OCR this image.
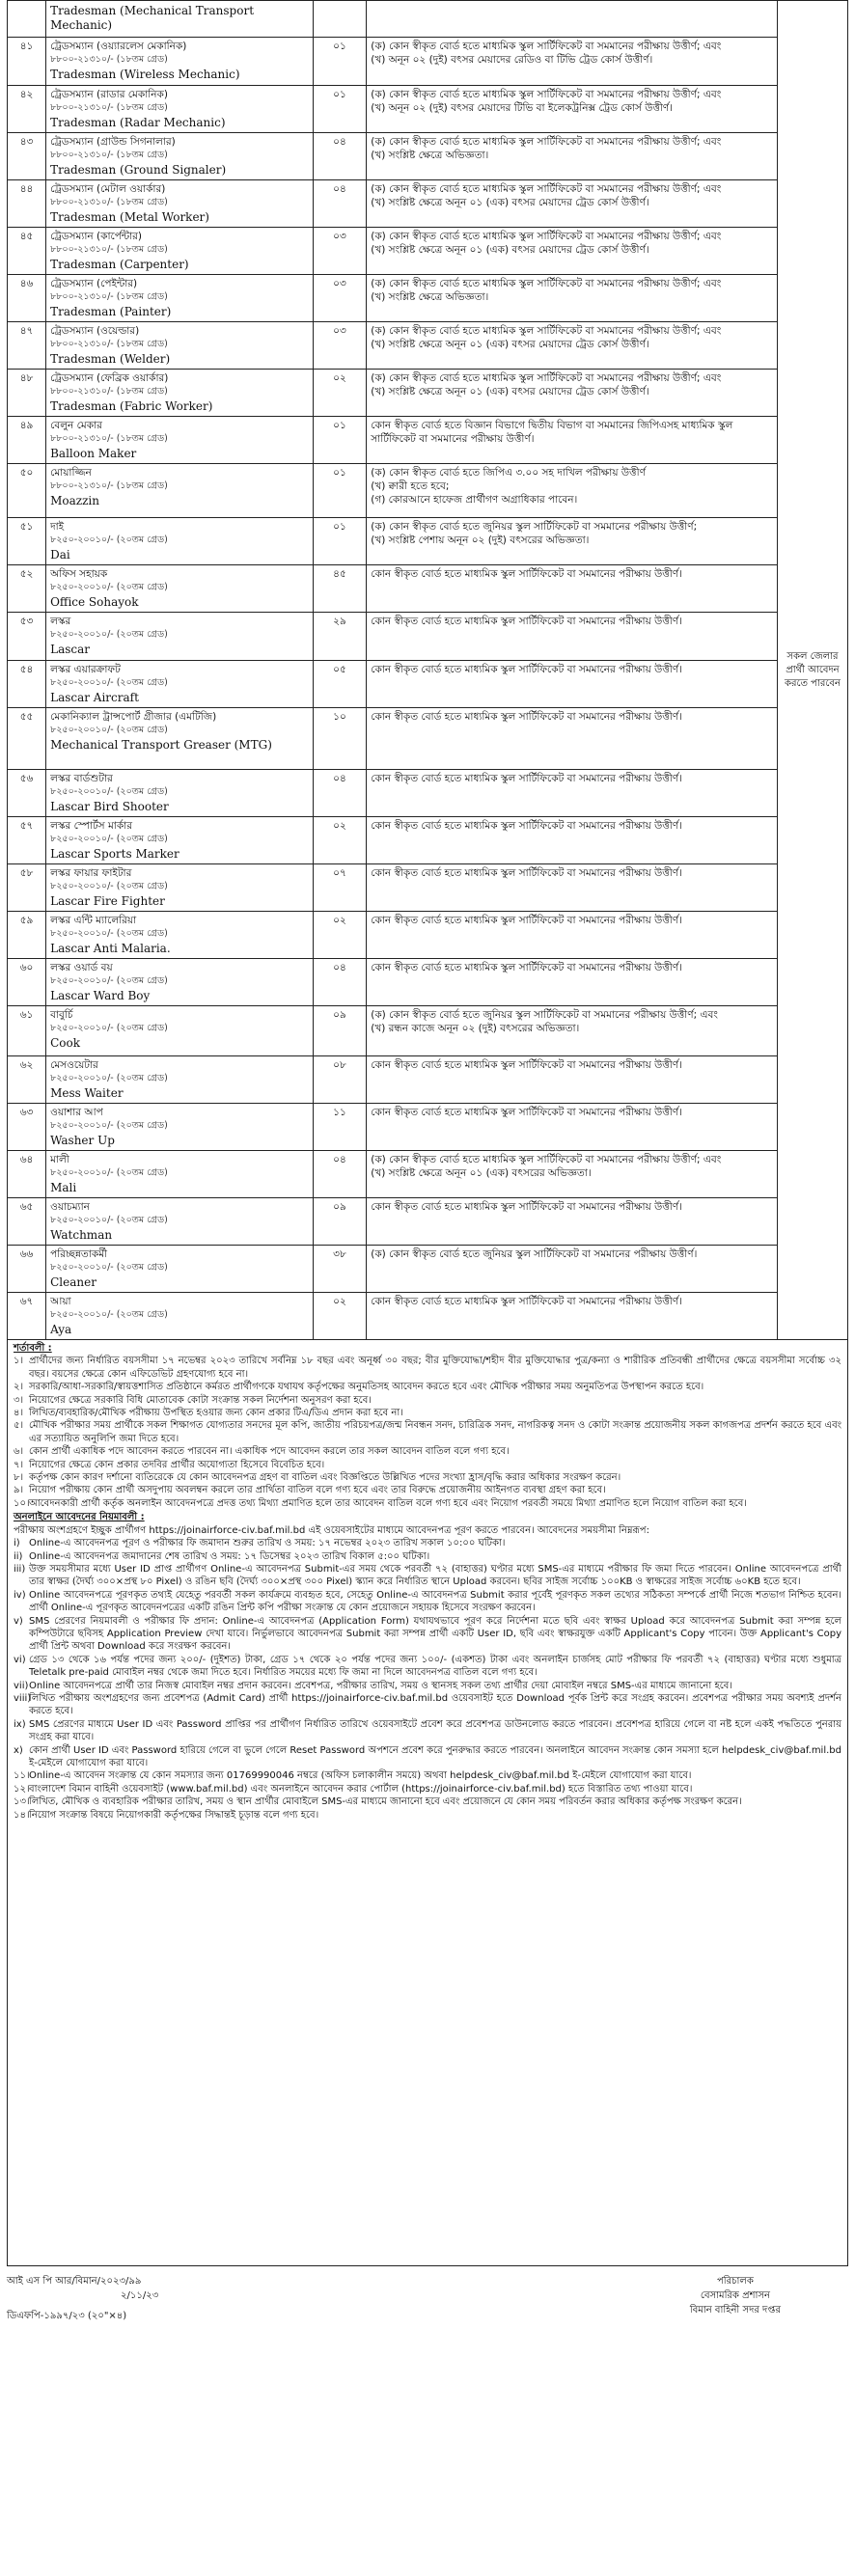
	Tradesman (Mechanical Transport Mechanic)			সকল জেলার প্রার্থী আবেদন করতে পারবেন
৪১	ট্রেডসম্যান (ওয়্যারলেস মেকানিক)
৮৮০০-২১৩১০/- (১৮তম গ্রেড)
Tradesman (Wireless Mechanic)	০১	(ক) কোন স্বীকৃত বোর্ড হতে মাধ্যমিক স্কুল সার্টিফিকেট বা সমমানের পরীক্ষায় উত্তীর্ণ; এবং
(খ) অনূন ০২ (দুই) বৎসর মেয়াদের রেডিও বা টিভি ট্রেড কোর্স উত্তীর্ণ।	

৪২	ট্রেডসম্যান (রাডার মেকানিক)
৮৮০০-২১৩১০/- (১৮তম গ্রেড)
Tradesman (Radar Mechanic)	০১	(ক) কোন স্বীকৃত বোর্ড হতে মাধ্যমিক স্কুল সার্টিফিকেট বা সমমানের পরীক্ষায় উত্তীর্ণ; এবং
(খ) অনূন ০২ (দুই) বৎসর মেয়াদের টিভি বা ইলেকট্রনিক্স ট্রেড কোর্স উত্তীর্ণ।	

৪৩	ট্রেডসম্যান (গ্রাউন্ড সিগনালার)
৮৮০০-২১৩১০/- (১৮তম গ্রেড)
Tradesman (Ground Signaler)	০৪	(ক) কোন স্বীকৃত বোর্ড হতে মাধ্যমিক স্কুল সার্টিফিকেট বা সমমানের পরীক্ষায় উত্তীর্ণ; এবং
(খ) সংশ্লিষ্ট ক্ষেত্রে অভিজ্ঞতা।	

৪৪	ট্রেডসম্যান (মেটাল ওয়ার্কার)
৮৮০০-২১৩১০/- (১৮তম গ্রেড)
Tradesman (Metal Worker)	০৪	(ক) কোন স্বীকৃত বোর্ড হতে মাধ্যমিক স্কুল সার্টিফিকেট বা সমমানের পরীক্ষায় উত্তীর্ণ; এবং
(খ) সংশ্লিষ্ট ক্ষেত্রে অনূন ০১ (এক) বৎসর মেয়াদের ট্রেড কোর্স উত্তীর্ণ।	

৪৫	ট্রেডসম্যান (কার্পেন্টার)
৮৮০০-২১৩১০/- (১৮তম গ্রেড)
Tradesman (Carpenter)	০৩	(ক) কোন স্বীকৃত বোর্ড হতে মাধ্যমিক স্কুল সার্টিফিকেট বা সমমানের পরীক্ষায় উত্তীর্ণ; এবং
(খ) সংশ্লিষ্ট ক্ষেত্রে অনূন ০১ (এক) বৎসর মেয়াদের ট্রেড কোর্স উত্তীর্ণ।	

৪৬	ট্রেডসম্যান (পেইন্টার)
৮৮০০-২১৩১০/- (১৮তম গ্রেড)
Tradesman (Painter)	০৩	(ক) কোন স্বীকৃত বোর্ড হতে মাধ্যমিক স্কুল সার্টিফিকেট বা সমমানের পরীক্ষায় উত্তীর্ণ; এবং
(খ) সংশ্লিষ্ট ক্ষেত্রে অভিজ্ঞতা।	

৪৭	ট্রেডসম্যান (ওয়েল্ডার)
৮৮০০-২১৩১০/- (১৮তম গ্রেড)
Tradesman (Welder)	০৩	(ক) কোন স্বীকৃত বোর্ড হতে মাধ্যমিক স্কুল সার্টিফিকেট বা সমমানের পরীক্ষায় উত্তীর্ণ; এবং
(খ) সংশ্লিষ্ট ক্ষেত্রে অনূন ০১ (এক) বৎসর মেয়াদের ট্রেড কোর্স উত্তীর্ণ।	

৪৮	ট্রেডসম্যান (ফেব্রিক ওয়ার্কার)
৮৮০০-২১৩১০/- (১৮তম গ্রেড)
Tradesman (Fabric Worker)	০২	(ক) কোন স্বীকৃত বোর্ড হতে মাধ্যমিক স্কুল সার্টিফিকেট বা সমমানের পরীক্ষায় উত্তীর্ণ; এবং
(খ) সংশ্লিষ্ট ক্ষেত্রে অনূন ০১ (এক) বৎসর মেয়াদের ট্রেড কোর্স উত্তীর্ণ।	

৪৯	বেলুন মেকার
৮৮০০-২১৩১০/- (১৮তম গ্রেড)
Balloon Maker	০১	কোন স্বীকৃত বোর্ড হতে বিজ্ঞান বিভাগে দ্বিতীয় বিভাগ বা সমমানের জিপিএসহ মাধ্যমিক স্কুল সার্টিফিকেট বা সমমানের পরীক্ষায় উত্তীর্ণ।	

৫০	মোয়াজ্জিন
৮৮০০-২১৩১০/- (১৮তম গ্রেড)
Moazzin	০১	(ক) কোন স্বীকৃত বোর্ড হতে জিপিএ ৩.০০ সহ দাখিল পরীক্ষায় উত্তীর্ণ
(খ) ক্বারী হতে হবে;
(গ) কোরআনে হাফেজ প্রার্থীগণ অগ্রাধিকার পাবেন।	

৫১	দাই
৮২৫০-২০০১০/- (২০তম গ্রেড)
Dai	০১	(ক) কোন স্বীকৃত বোর্ড হতে জুনিয়র স্কুল সার্টিফিকেট বা সমমানের পরীক্ষায় উত্তীর্ণ;
(খ) সংশ্লিষ্ট পেশায় অনূন ০২ (দুই) বৎসরের অভিজ্ঞতা।	

৫২	অফিস সহায়ক
৮২৫০-২০০১০/- (২০তম গ্রেড)
Office Sohayok	৪৫	কোন স্বীকৃত বোর্ড হতে মাধ্যমিক স্কুল সার্টিফিকেট বা সমমানের পরীক্ষায় উত্তীর্ণ।	

৫৩	লস্কর
৮২৫০-২০০১০/- (২০তম গ্রেড)
Lascar	২৯	কোন স্বীকৃত বোর্ড হতে মাধ্যমিক স্কুল সার্টিফিকেট বা সমমানের পরীক্ষায় উত্তীর্ণ।	

৫৪	লস্কর এয়ারক্রাফট
৮২৫০-২০০১০/- (২০তম গ্রেড)
Lascar Aircraft	০৫	কোন স্বীকৃত বোর্ড হতে মাধ্যমিক স্কুল সার্টিফিকেট বা সমমানের পরীক্ষায় উত্তীর্ণ।	

৫৫	মেকানিক্যাল ট্রান্সপোর্ট গ্রীজার (এমটিজি)
৮২৫০-২০০১০/- (২০তম গ্রেড)
Mechanical Transport Greaser (MTG)	১০	কোন স্বীকৃত বোর্ড হতে মাধ্যমিক স্কুল সার্টিফিকেট বা সমমানের পরীক্ষায় উত্তীর্ণ।	

৫৬	লস্কর বার্ডশুটার
৮২৫০-২০০১০/- (২০তম গ্রেড)
Lascar Bird Shooter	০৪	কোন স্বীকৃত বোর্ড হতে মাধ্যমিক স্কুল সার্টিফিকেট বা সমমানের পরীক্ষায় উত্তীর্ণ।	

৫৭	লস্কর স্পোর্টস মার্কার
৮২৫০-২০০১০/- (২০তম গ্রেড)
Lascar Sports Marker	০২	কোন স্বীকৃত বোর্ড হতে মাধ্যমিক স্কুল সার্টিফিকেট বা সমমানের পরীক্ষায় উত্তীর্ণ।	

৫৮	লস্কর ফায়ার ফাইটার
৮২৫০-২০০১০/- (২০তম গ্রেড)
Lascar Fire Fighter	০৭	কোন স্বীকৃত বোর্ড হতে মাধ্যমিক স্কুল সার্টিফিকেট বা সমমানের পরীক্ষায় উত্তীর্ণ।	

৫৯	লস্কর এন্টি ম্যালেরিয়া
৮২৫০-২০০১০/- (২০তম গ্রেড)
Lascar Anti Malaria.	০২	কোন স্বীকৃত বোর্ড হতে মাধ্যমিক স্কুল সার্টিফিকেট বা সমমানের পরীক্ষায় উত্তীর্ণ।	

৬০	লস্কর ওয়ার্ড বয়
৮২৫০-২০০১০/- (২০তম গ্রেড)
Lascar Ward Boy	০৪	কোন স্বীকৃত বোর্ড হতে মাধ্যমিক স্কুল সার্টিফিকেট বা সমমানের পরীক্ষায় উত্তীর্ণ।	

৬১	বাবুর্চি
৮২৫০-২০০১০/- (২০তম গ্রেড)
Cook	০৯	(ক) কোন স্বীকৃত বোর্ড হতে জুনিয়র স্কুল সার্টিফিকেট বা সমমানের পরীক্ষায় উত্তীর্ণ; এবং
(খ) রন্ধন কাজে অনূন ০২ (দুই) বৎসরের অভিজ্ঞতা।	

৬২	মেসওয়েটার
৮২৫০-২০০১০/- (২০তম গ্রেড)
Mess Waiter	০৮	কোন স্বীকৃত বোর্ড হতে মাধ্যমিক স্কুল সার্টিফিকেট বা সমমানের পরীক্ষায় উত্তীর্ণ।	

৬৩	ওয়াশার আপ
৮২৫০-২০০১০/- (২০তম গ্রেড)
Washer Up	১১	কোন স্বীকৃত বোর্ড হতে মাধ্যমিক স্কুল সার্টিফিকেট বা সমমানের পরীক্ষায় উত্তীর্ণ।	

৬৪	মালী
৮২৫০-২০০১০/- (২০তম গ্রেড)
Mali	০৪	(ক) কোন স্বীকৃত বোর্ড হতে মাধ্যমিক স্কুল সার্টিফিকেট বা সমমানের পরীক্ষায় উত্তীর্ণ; এবং
(খ) সংশ্লিষ্ট ক্ষেত্রে অনূন ০১ (এক) বৎসরের অভিজ্ঞতা।	

৬৫	ওয়াচম্যান
৮২৫০-২০০১০/- (২০তম গ্রেড)
Watchman	০৯	কোন স্বীকৃত বোর্ড হতে মাধ্যমিক স্কুল সার্টিফিকেট বা সমমানের পরীক্ষায় উত্তীর্ণ।	

৬৬	পরিচ্ছন্নতাকর্মী
৮২৫০-২০০১০/- (২০তম গ্রেড)
Cleaner	৩৮	(ক) কোন স্বীকৃত বোর্ড হতে জুনিয়র স্কুল সার্টিফিকেট বা সমমানের পরীক্ষায় উত্তীর্ণ।	

৬৭	আয়া
৮২৫০-২০০১০/- (২০তম গ্রেড)
Aya	০২	কোন স্বীকৃত বোর্ড হতে মাধ্যমিক স্কুল সার্টিফিকেট বা সমমানের পরীক্ষায় উত্তীর্ণ।	
শর্তাবলী :
১। প্রার্থীদের জন্য নির্ধারিত বয়সসীমা ১৭ নভেম্বর ২০২৩ তারিখে সর্বনিম্ন ১৮ বছর এবং অনূর্ধ্ব ৩০ বছর; বীর মুক্তিযোদ্ধা/শহীদ বীর মুক্তিযোদ্ধার পুত্র/কন্যা ও শারীরিক প্রতিবন্ধী প্রার্থীদের ক্ষেত্রে বয়সসীমা সর্বোচ্চ ৩২ বছর। বয়সের ক্ষেত্রে কোন এফিডেভিট গ্রহণযোগ্য হবে না।
২। সরকারি/আধা-সরকারি/স্বায়ত্তশাসিত প্রতিষ্ঠানে কর্মরত প্রার্থীগণকে যথাযথ কর্তৃপক্ষের অনুমতিসহ আবেদন করতে হবে এবং মৌখিক পরীক্ষার সময় অনুমতিপত্র উপস্থাপন করতে হবে।
৩। নিয়োগের ক্ষেত্রে সরকারি বিধি মোতাবেক কোটা সংক্রান্ত সকল নির্দেশনা অনুসরণ করা হবে।
৪। লিখিত/ব্যবহারিক/মৌখিক পরীক্ষায় উপস্থিত হওয়ার জন্য কোন প্রকার টিএ/ডিএ প্রদান করা হবে না।
৫। মৌখিক পরীক্ষার সময় প্রার্থীকে সকল শিক্ষাগত যোগ্যতার সনদের মূল কপি, জাতীয় পরিচয়পত্র/জন্ম নিবন্ধন সনদ, চারিত্রিক সনদ, নাগরিকত্ব সনদ ও কোটা সংক্রান্ত প্রয়োজনীয় সকল কাগজপত্র প্রদর্শন করতে হবে এবং এর সত্যায়িত অনুলিপি জমা দিতে হবে।
৬। কোন প্রার্থী একাধিক পদে আবেদন করতে পারবেন না। একাধিক পদে আবেদন করলে তার সকল আবেদন বাতিল বলে গণ্য হবে।
৭। নিয়োগের ক্ষেত্রে কোন প্রকার তদবির প্রার্থীর অযোগ্যতা হিসেবে বিবেচিত হবে।
৮। কর্তৃপক্ষ কোন কারণ দর্শানো ব্যতিরেকে যে কোন আবেদনপত্র গ্রহণ বা বাতিল এবং বিজ্ঞপ্তিতে উল্লিখিত পদের সংখ্যা হ্রাস/বৃদ্ধি করার অধিকার সংরক্ষণ করেন।
৯। নিয়োগ পরীক্ষায় কোন প্রার্থী অসদুপায় অবলম্বন করলে তার প্রার্থিতা বাতিল বলে গণ্য হবে এবং তার বিরুদ্ধে প্রয়োজনীয় আইনগত ব্যবস্থা গ্রহণ করা হবে।
১০। আবেদনকারী প্রার্থী কর্তৃক অনলাইন আবেদনপত্রে প্রদত্ত তথ্য মিথ্যা প্রমাণিত হলে তার আবেদন বাতিল বলে গণ্য হবে এবং নিয়োগ পরবর্তী সময়ে মিথ্যা প্রমাণিত হলে নিয়োগ বাতিল করা হবে।
অনলাইনে আবেদনের নিয়মাবলী :
পরীক্ষায় অংশগ্রহণে ইচ্ছুক প্রার্থীগণ https://joinairforce-civ.baf.mil.bd এই ওয়েবসাইটের মাধ্যমে আবেদনপত্র পূরণ করতে পারবেন। আবেদনের সময়সীমা নিম্নরূপ:
i) Online-এ আবেদনপত্র পূরণ ও পরীক্ষার ফি জমাদান শুরুর তারিখ ও সময়: ১৭ নভেম্বর ২০২৩ তারিখ সকাল ১০:০০ ঘটিকা।
ii) Online-এ আবেদনপত্র জমাদানের শেষ তারিখ ও সময়: ১৭ ডিসেম্বর ২০২৩ তারিখ বিকাল ৫:০০ ঘটিকা।
iii) উক্ত সময়সীমার মধ্যে User ID প্রাপ্ত প্রার্থীগণ Online-এ আবেদনপত্র Submit-এর সময় থেকে পরবর্তী ৭২ (বাহাত্তর) ঘণ্টার মধ্যে SMS-এর মাধ্যমে পরীক্ষার ফি জমা দিতে পারবেন। Online আবেদনপত্রে প্রার্থী তার স্বাক্ষর (দৈর্ঘ্য ৩০০×প্রস্থ ৮০ Pixel) ও রঙিন ছবি (দৈর্ঘ্য ৩০০×প্রস্থ ৩০০ Pixel) স্ক্যান করে নির্ধারিত স্থানে Upload করবেন। ছবির সাইজ সর্বোচ্চ ১০০KB ও স্বাক্ষরের সাইজ সর্বোচ্চ ৬০KB হতে হবে।
iv) Online আবেদনপত্রে পূরণকৃত তথ্যই যেহেতু পরবর্তী সকল কার্যক্রমে ব্যবহৃত হবে, সেহেতু Online-এ আবেদনপত্র Submit করার পূর্বেই পূরণকৃত সকল তথ্যের সঠিকতা সম্পর্কে প্রার্থী নিজে শতভাগ নিশ্চিত হবেন। প্রার্থী Online-এ পূরণকৃত আবেদনপত্রের একটি রঙিন প্রিন্ট কপি পরীক্ষা সংক্রান্ত যে কোন প্রয়োজনে সহায়ক হিসেবে সংরক্ষণ করবেন।
v) SMS প্রেরণের নিয়মাবলী ও পরীক্ষার ফি প্রদান: Online-এ আবেদনপত্র (Application Form) যথাযথভাবে পূরণ করে নির্দেশনা মতে ছবি এবং স্বাক্ষর Upload করে আবেদনপত্র Submit করা সম্পন্ন হলে কম্পিউটারে ছবিসহ Application Preview দেখা যাবে। নির্ভুলভাবে আবেদনপত্র Submit করা সম্পন্ন প্রার্থী একটি User ID, ছবি এবং স্বাক্ষরযুক্ত একটি Applicant's Copy পাবেন। উক্ত Applicant's Copy প্রার্থী প্রিন্ট অথবা Download করে সংরক্ষণ করবেন।
vi) গ্রেড ১৩ থেকে ১৬ পর্যন্ত পদের জন্য ২০০/- (দুইশত) টাকা, গ্রেড ১৭ থেকে ২০ পর্যন্ত পদের জন্য ১০০/- (একশত) টাকা এবং অনলাইন চার্জসহ মোট পরীক্ষার ফি পরবর্তী ৭২ (বাহাত্তর) ঘণ্টার মধ্যে শুধুমাত্র Teletalk pre-paid মোবাইল নম্বর থেকে জমা দিতে হবে। নির্ধারিত সময়ের মধ্যে ফি জমা না দিলে আবেদনপত্র বাতিল বলে গণ্য হবে।
vii) Online আবেদনপত্রে প্রার্থী তার নিজস্ব মোবাইল নম্বর প্রদান করবেন। প্রবেশপত্র, পরীক্ষার তারিখ, সময় ও স্থানসহ সকল তথ্য প্রার্থীর দেয়া মোবাইল নম্বরে SMS-এর মাধ্যমে জানানো হবে।
viii)
লিখিত পরীক্ষায় অংশগ্রহণের জন্য প্রবেশপত্র (Admit Card) প্রার্থী https://joinairforce-civ.baf.mil.bd ওয়েবসাইট হতে Download পূর্বক প্রিন্ট করে সংগ্রহ করবেন। প্রবেশপত্র পরীক্ষার সময় অবশ্যই প্রদর্শন করতে হবে।
ix) SMS প্রেরণের মাধ্যমে User ID এবং Password প্রাপ্তির পর প্রার্থীগণ নির্ধারিত তারিখে ওয়েবসাইটে প্রবেশ করে প্রবেশপত্র ডাউনলোড করতে পারবেন। প্রবেশপত্র হারিয়ে গেলে বা নষ্ট হলে একই পদ্ধতিতে পুনরায় সংগ্রহ করা যাবে।
x) কোন প্রার্থী User ID এবং Password হারিয়ে গেলে বা ভুলে গেলে Reset Password অপশনে প্রবেশ করে পুনরুদ্ধার করতে পারবেন। অনলাইনে আবেদন সংক্রান্ত কোন সমস্যা হলে helpdesk_civ@baf.mil.bd ই-মেইলে যোগাযোগ করা যাবে।
১১। Online-এ আবেদন সংক্রান্ত যে কোন সমস্যার জন্য 01769990046 নম্বরে (অফিস চলাকালীন সময়ে) অথবা helpdesk_civ@baf.mil.bd ই-মেইলে যোগাযোগ করা যাবে।
১২। বাংলাদেশ বিমান বাহিনী ওয়েবসাইট (www.baf.mil.bd) এবং অনলাইনে আবেদন করার পোর্টাল (https://joinairforce-civ.baf.mil.bd) হতে বিস্তারিত তথ্য পাওয়া যাবে।
১৩। লিখিত, মৌখিক ও ব্যবহারিক পরীক্ষার তারিখ, সময় ও স্থান প্রার্থীর মোবাইলে SMS-এর মাধ্যমে জানানো হবে এবং প্রয়োজনে যে কোন সময় পরিবর্তন করার অধিকার কর্তৃপক্ষ সংরক্ষণ করেন।
১৪। নিয়োগ সংক্রান্ত বিষয়ে নিয়োগকারী কর্তৃপক্ষের সিদ্ধান্তই চূড়ান্ত বলে গণ্য হবে।
আই এস পি আর/বিমান/২০২৩/৯৯
২/১১/২৩
ডিএফপি-১৯৯৭/২৩ (২০"×৪)
পরিচালক
বেসামরিক প্রশাসন
বিমান বাহিনী সদর দপ্তর
